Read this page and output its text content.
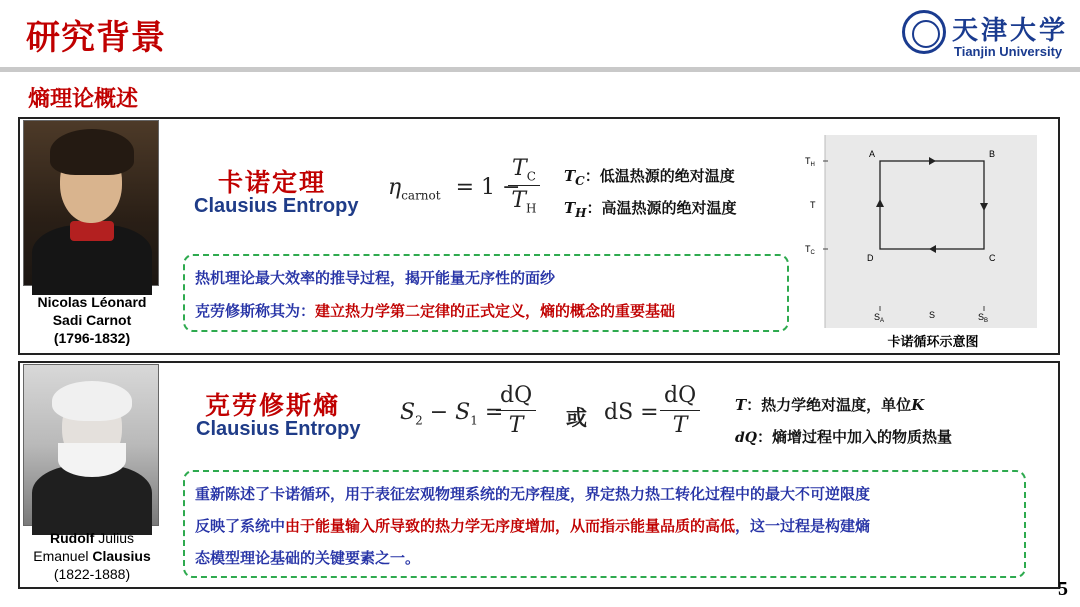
研究背景	天津大学
Tianjin University
熵理论概述
Nicolas Léonard
Sadi Carnot
(1796-1832)
卡诺定理
Clausius Entropy
$\eta_{carnot} = 1$ −
$\frac{T_C}{T_H} T_C$：低温热源的绝对温度
$T_H$：高温热源的绝对温度
热机理论最大效率的推导过程，揭开能量无序性的面纱
克劳修斯称其为：建立热力学第二定律的正式定义，熵的概念的重要基础
$T_H$
T
$T_C$
$S_A$
S	$S_B$
A	B
C
D
卡诺循环示意图
Rudolf Julius
Emanuel Clausius
(1822-1888)
克劳修斯熵
Clausius Entropy
$S_2 - S_1$ =
$\frac{dQ}{T}$ 或 dS = $\frac{dQ}{T}$ T：热力学绝对温度，单位K
dQ：熵增过程中加入的物质热量
重新陈述了卡诺循环，用于表征宏观物理系统的无序程度，界定热力热工转化过程中的最大不可逆限度
反映了系统中由于能量输入所导致的热力学无序度增加，从而指示能量品质的高低，这一过程是构建熵
态模型理论基础的关键要素之一。
5
